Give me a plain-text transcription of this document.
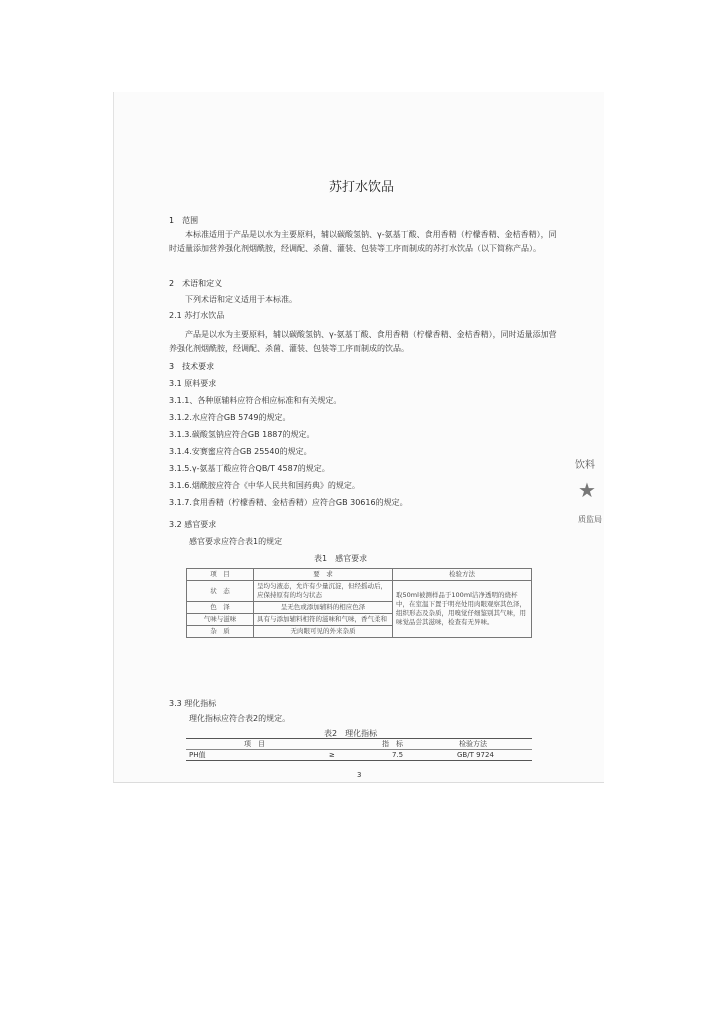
苏打水饮品
1　范围
本标准适用于产品是以水为主要原料，辅以碳酸氢钠、γ-氨基丁酸、食用香精（柠檬香精、金桔香精），同时适量添加营养强化剂烟酰胺，经调配、杀菌、灌装、包装等工序而制成的苏打水饮品（以下简称产品）。
2　术语和定义
下列术语和定义适用于本标准。
2.1 苏打水饮品
产品是以水为主要原料，辅以碳酸氢钠、γ-氨基丁酸、食用香精（柠檬香精、金桔香精），同时适量添加营养强化剂烟酰胺，经调配、杀菌、灌装、包装等工序而制成的饮品。
3　技术要求
3.1 原料要求
3.1.1、各种原辅料应符合相应标准和有关规定。
3.1.2.水应符合GB 5749的规定。
3.1.3.碳酸氢钠应符合GB 1887的规定。
3.1.4.安赛蜜应符合GB 25540的规定。
3.1.5.γ-氨基丁酸应符合QB/T 4587的规定。
3.1.6.烟酰胺应符合《中华人民共和国药典》的规定。
3.1.7.食用香精（柠檬香精、金桔香精）应符合GB 30616的规定。
3.2 感官要求
感官要求应符合表1的规定
表1　感官要求
项　目	要　求	检验方法
状　态	呈均匀液态，允许有少量沉淀，但经摇动后，应保持原有的均匀状态	取50ml被测样品于100ml洁净透明的烧杯中，在室温下置于明亮处用肉眼观察其色泽，组织形态及杂质，用嗅觉仔细鉴别其气味，用味觉品尝其滋味，检查有无异味。
色　泽	呈无色或添加辅料的相应色泽	
气味与滋味	具有与添加辅料相符的滋味和气味，香气柔和	
杂　质	无肉眼可见的外来杂质	
3.3 理化指标
理化指标应符合表2的规定。
表2　理化指标
项　目	指　标	检验方法
PH值	≥	7.5	GB/T 9724
3
饮料
★
质监局
